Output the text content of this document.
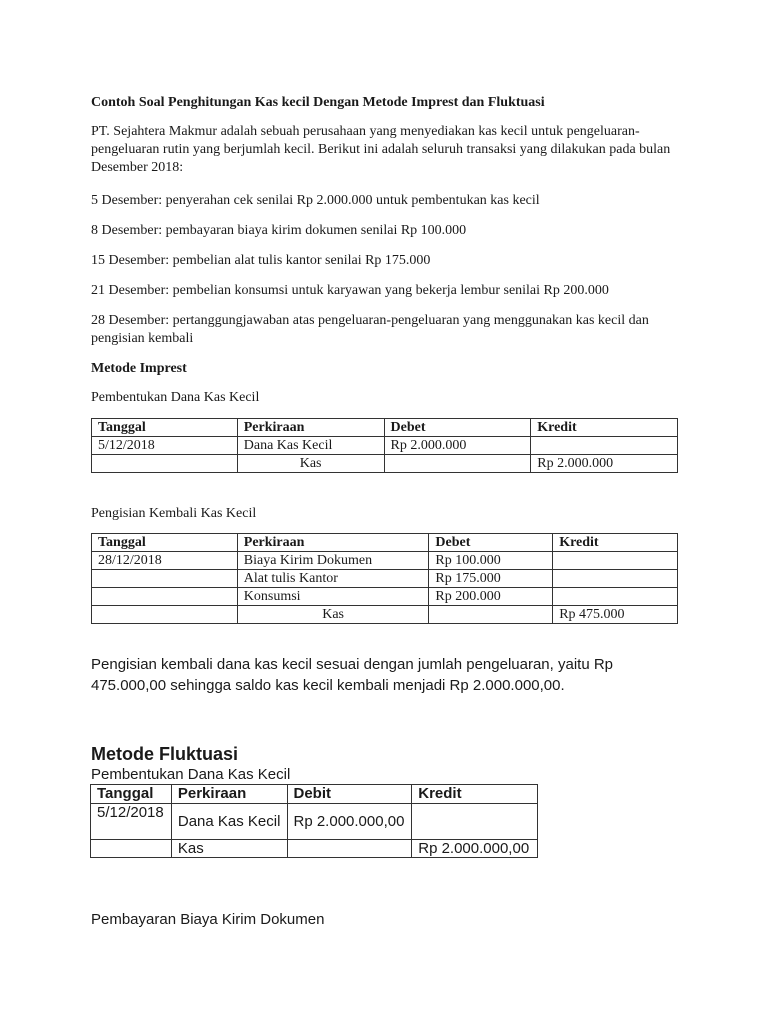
Contoh Soal Penghitungan Kas kecil Dengan Metode Imprest dan Fluktuasi

PT. Sejahtera Makmur adalah sebuah perusahaan yang menyediakan kas kecil untuk pengeluaran-pengeluaran rutin yang berjumlah kecil. Berikut ini adalah seluruh transaksi yang dilakukan pada bulan Desember 2018:

5 Desember: penyerahan cek senilai Rp 2.000.000 untuk pembentukan kas kecil

8 Desember: pembayaran biaya kirim dokumen senilai Rp 100.000

15 Desember: pembelian alat tulis kantor senilai Rp 175.000

21 Desember: pembelian konsumsi untuk karyawan yang bekerja lembur senilai Rp 200.000

28 Desember: pertanggungjawaban atas pengeluaran-pengeluaran yang menggunakan kas kecil dan pengisian kembali

Metode Imprest
Pembentukan Dana Kas Kecil
Tanggal	Perkiraan	Debet	Kredit
5/12/2018	Dana Kas Kecil	Rp 2.000.000	
	Kas		Rp 2.000.000
Pengisian Kembali Kas Kecil
Tanggal	Perkiraan	Debet	Kredit
28/12/2018	Biaya Kirim Dokumen	Rp 100.000	
	Alat tulis Kantor	Rp 175.000	
	Konsumsi	Rp 200.000	
	Kas		Rp 475.000

Pengisian kembali dana kas kecil sesuai dengan jumlah pengeluaran, yaitu Rp 475.000,00 sehingga saldo kas kecil kembali menjadi Rp 2.000.000,00.

Metode Fluktuasi
Pembentukan Dana Kas Kecil
Tanggal	Perkiraan	Debit	Kredit
5/12/2018	Dana Kas Kecil	Rp 2.000.000,00	
	Kas		Rp 2.000.000,00
Pembayaran Biaya Kirim Dokumen
